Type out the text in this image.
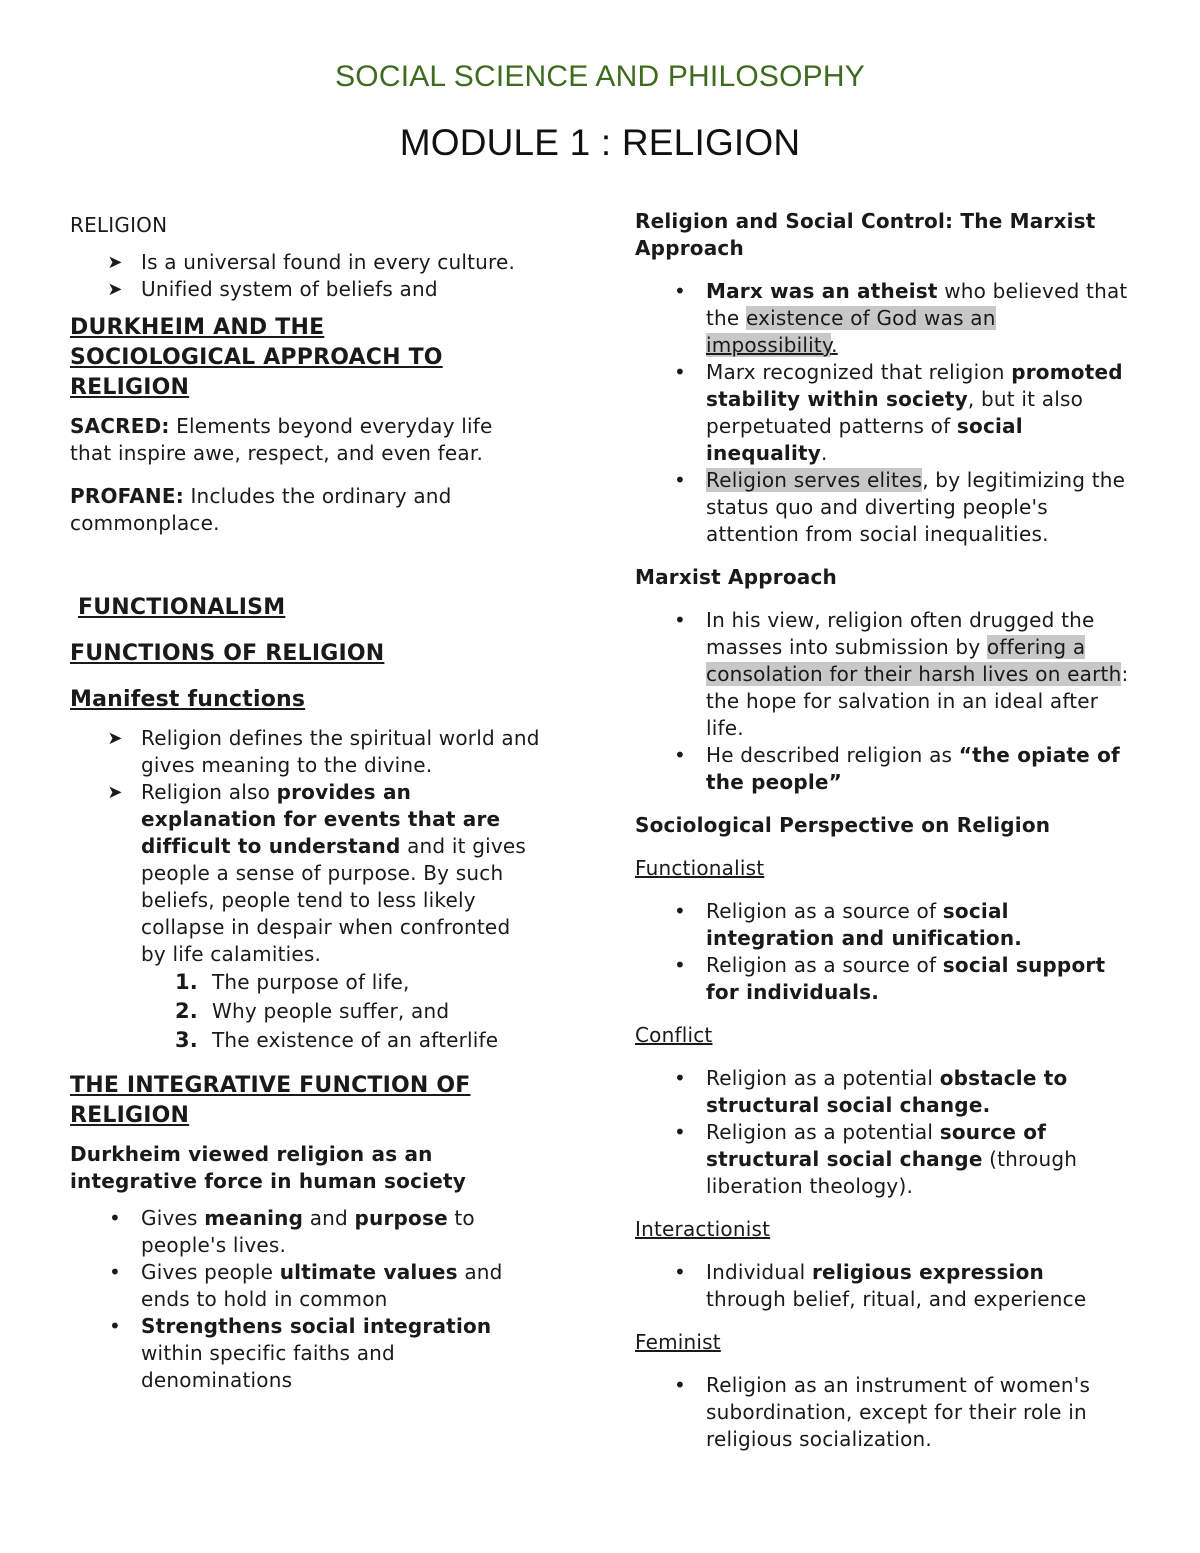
SOCIAL SCIENCE AND PHILOSOPHY
MODULE 1 : RELIGION

RELIGION

➤ Is a universal found in every culture.
➤ Unified system of beliefs and
DURKHEIM AND THE
SOCIOLOGICAL APPROACH TO
RELIGION

SACRED: Elements beyond everyday life that inspire awe, respect, and even fear.

PROFANE: Includes the ordinary and commonplace.

FUNCTIONALISM
FUNCTIONS OF RELIGION
Manifest functions
➤ Religion defines the spiritual world and gives meaning to the divine.
➤ Religion also provides an explanation for events that are difficult to understand and it gives people a sense of purpose. By such beliefs, people tend to less likely collapse in despair when confronted by life calamities.
1. The purpose of life,
2. Why people suffer, and
3. The existence of an afterlife
THE INTEGRATIVE FUNCTION OF
RELIGION

Durkheim viewed religion as an integrative force in human society

•	Gives meaning and purpose to people's lives.
•	Gives people ultimate values and ends to hold in common
•	Strengthens social integration within specific faiths and denominations

Religion and Social Control: The Marxist Approach

•	Marx was an atheist who believed that the existence of God was an impossibility.
•	Marx recognized that religion promoted stability within society, but it also perpetuated patterns of social inequality.
•	Religion serves elites, by legitimizing the status quo and diverting people's attention from social inequalities.

Marxist Approach

•	In his view, religion often drugged the masses into submission by offering a consolation for their harsh lives on earth: the hope for salvation in an ideal after life.
•	He described religion as “the opiate of the people”

Sociological Perspective on Religion

Functionalist

•	Religion as a source of social integration and unification.
•	Religion as a source of social support for individuals.

Conflict

•	Religion as a potential obstacle to structural social change.
•	Religion as a potential source of structural social change (through liberation theology).

Interactionist

•	Individual religious expression through belief, ritual, and experience

Feminist

•	Religion as an instrument of women's subordination, except for their role in religious socialization.
